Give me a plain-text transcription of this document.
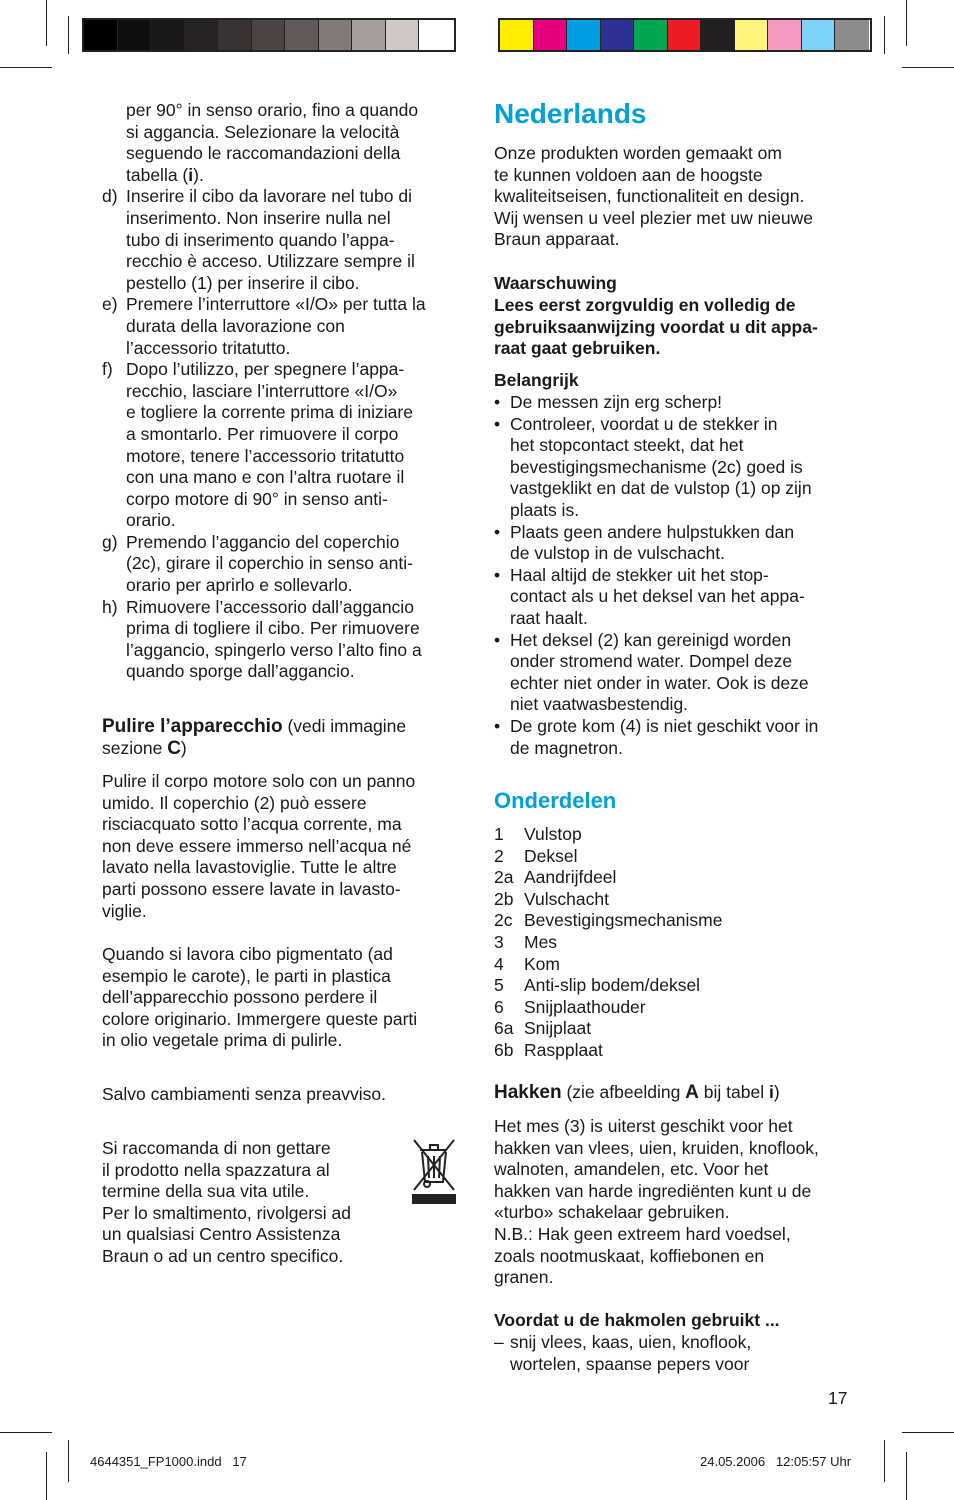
per 90° in senso orario, fino a quando
si aggancia. Selezionare la velocità
seguendo le raccomandazioni della
tabella (i).
d) Inserire il cibo da lavorare nel tubo di
inserimento. Non inserire nulla nel
tubo di inserimento quando l’appa-
recchio è acceso. Utilizzare sempre il
pestello (1) per inserire il cibo.
e) Premere l’interruttore «I/O» per tutta la
durata della lavorazione con
l’accessorio tritatutto.
f) Dopo l’utilizzo, per spegnere l’appa-
recchio, lasciare l’interruttore «I/O»
e togliere la corrente prima di iniziare
a smontarlo. Per rimuovere il corpo
motore, tenere l’accessorio tritatutto
con una mano e con l’altra ruotare il
corpo motore di 90° in senso anti-
orario.
g) Premendo l’aggancio del coperchio
(2c), girare il coperchio in senso anti-
orario per aprirlo e sollevarlo.
h) Rimuovere l’accessorio dall’aggancio
prima di togliere il cibo. Per rimuovere
l’aggancio, spingerlo verso l’alto fino a
quando sporge dall’aggancio.
Pulire l’apparecchio (vedi immagine
sezione C)
Pulire il corpo motore solo con un panno
umido. Il coperchio (2) può essere
risciacquato sotto l’acqua corrente, ma
non deve essere immerso nell’acqua né
lavato nella lavastoviglie. Tutte le altre
parti possono essere lavate in lavasto-
viglie.
Quando si lavora cibo pigmentato (ad
esempio le carote), le parti in plastica
dell’apparecchio possono perdere il
colore originario. Immergere queste parti
in olio vegetale prima di pulirle.
Salvo cambiamenti senza preavviso.
Si raccomanda di non gettare
il prodotto nella spazzatura al
termine della sua vita utile.
Per lo smaltimento, rivolgersi ad
un qualsiasi Centro Assistenza
Braun o ad un centro specifico.
Nederlands
Onze produkten worden gemaakt om
te kunnen voldoen aan de hoogste
kwaliteitseisen, functionaliteit en design.
Wij wensen u veel plezier met uw nieuwe
Braun apparaat.
Waarschuwing
Lees eerst zorgvuldig en volledig de
gebruiksaanwijzing voordat u dit appa-
raat gaat gebruiken.
Belangrijk
• De messen zijn erg scherp!
• Controleer, voordat u de stekker in
het stopcontact steekt, dat het
bevestigingsmechanisme (2c) goed is
vastgeklikt en dat de vulstop (1) op zijn
plaats is.
• Plaats geen andere hulpstukken dan
de vulstop in de vulschacht.
• Haal altijd de stekker uit het stop-
contact als u het deksel van het appa-
raat haalt.
• Het deksel (2) kan gereinigd worden
onder stromend water. Dompel deze
echter niet onder in water. Ook is deze
niet vaatwasbestendig.
• De grote kom (4) is niet geschikt voor in
de magnetron.
Onderdelen
1	Vulstop
2	Deksel
2a Aandrijfdeel
2b Vulschacht
2c Bevestigingsmechanisme
3	Mes
4	Kom
5	Anti-slip bodem/deksel
6	Snijplaathouder
6a Snijplaat
6b Raspplaat
Hakken (zie afbeelding A bij tabel i)
Het mes (3) is uiterst geschikt voor het
hakken van vlees, uien, kruiden, knoflook,
walnoten, amandelen, etc. Voor het
hakken van harde ingrediënten kunt u de
«turbo» schakelaar gebruiken.
N.B.: Hak geen extreem hard voedsel,
zoals nootmuskaat, koffiebonen en
granen.
Voordat u de hakmolen gebruikt ...
– snij vlees, kaas, uien, knoflook,
wortelen, spaanse pepers voor
17
4644351_FP1000.indd   17	24.05.2006   12:05:57 Uhr
